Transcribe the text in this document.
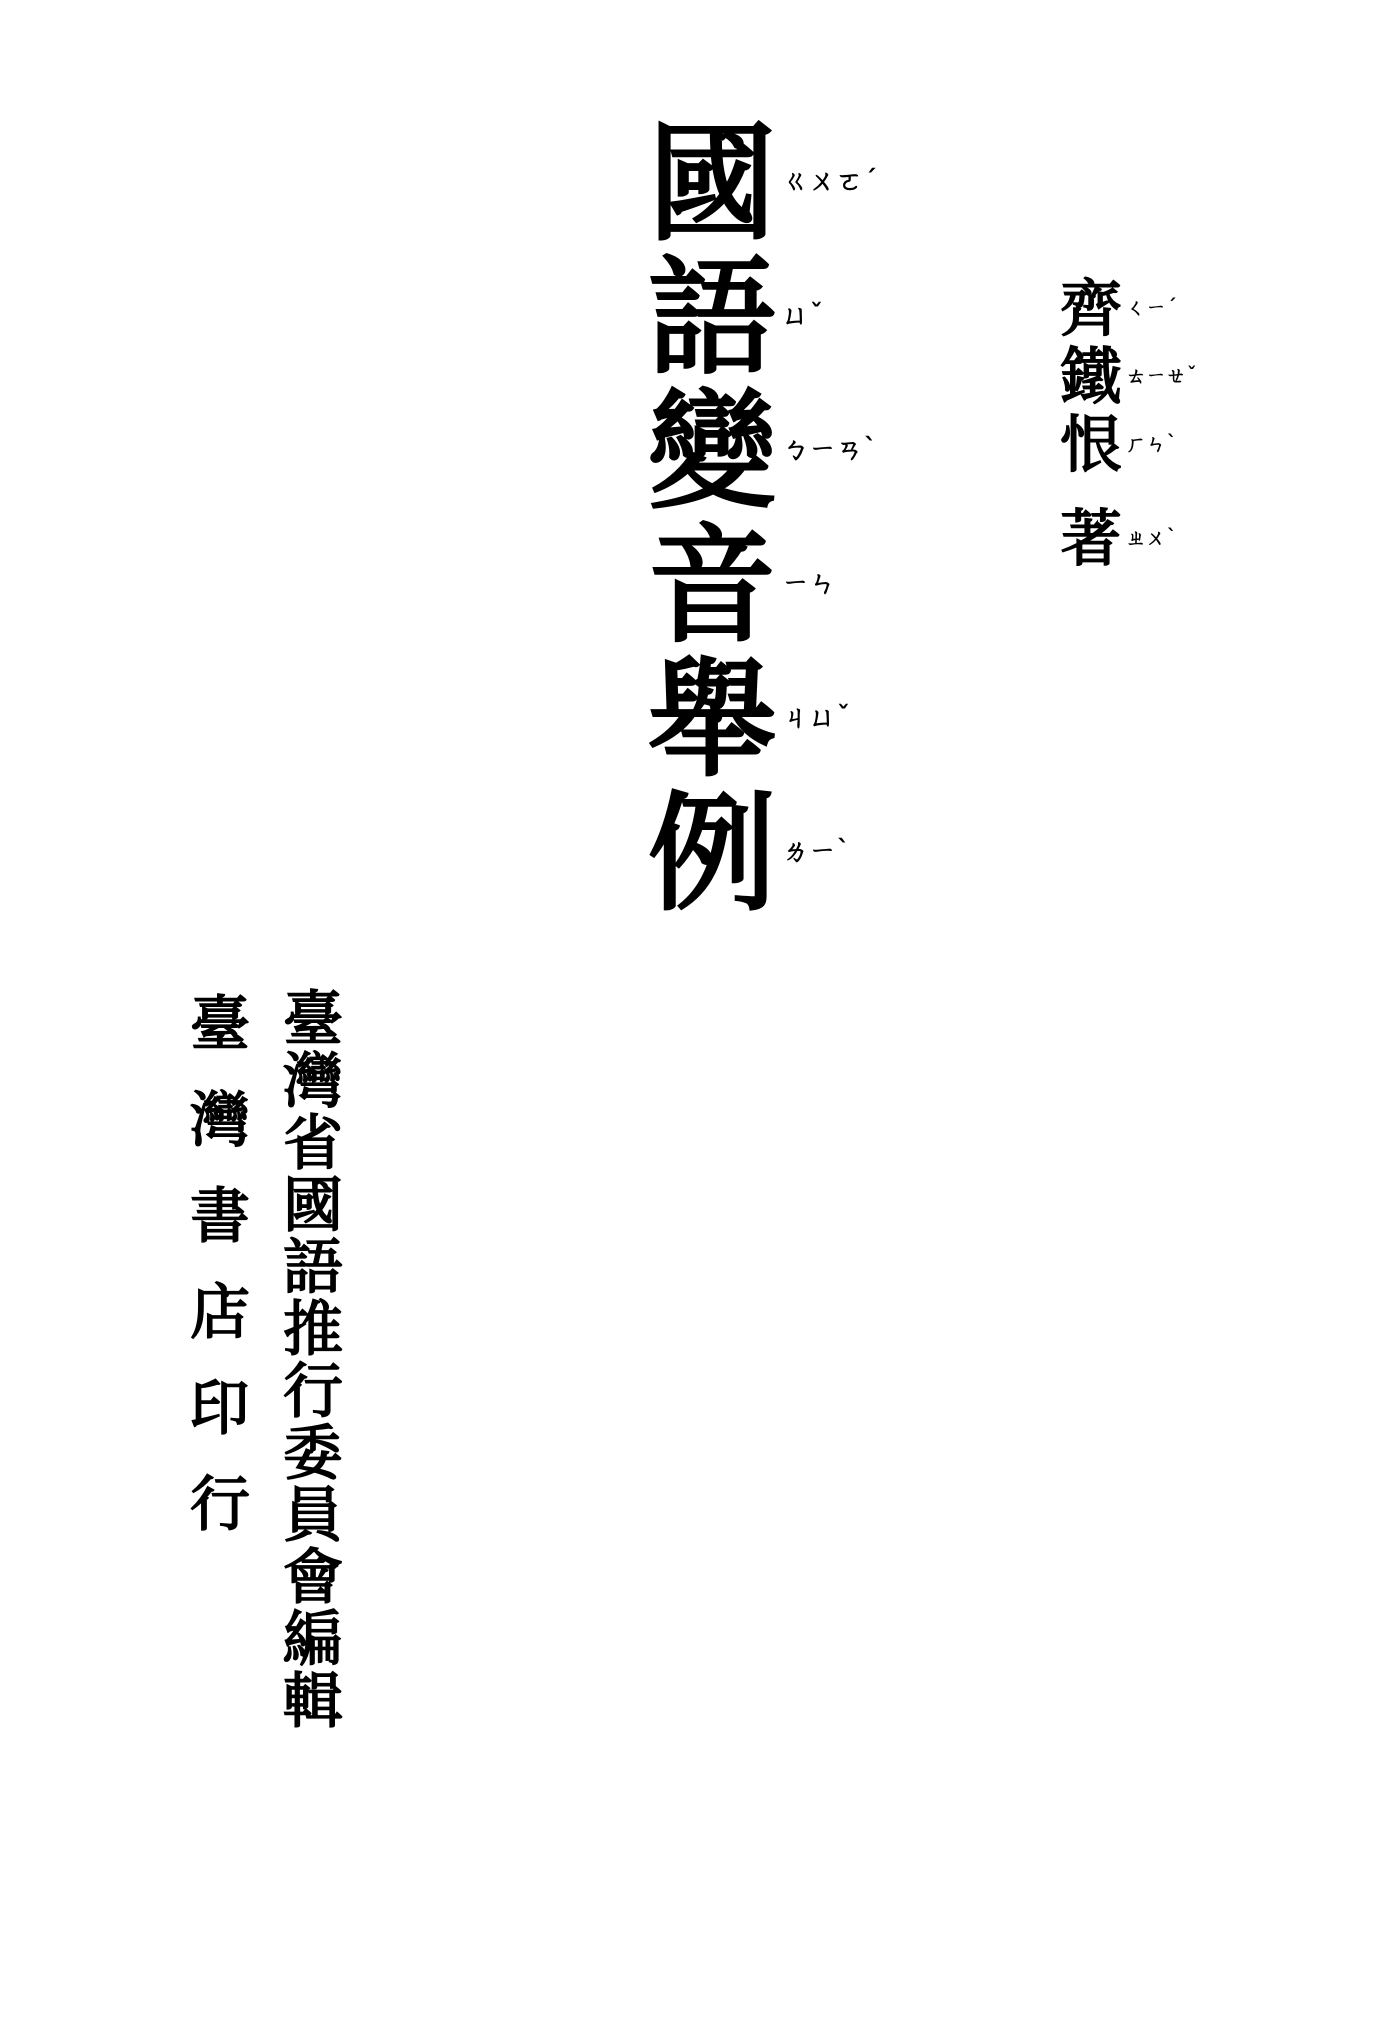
國 ㄍㄨㄛ ˊ
語 ㄩ ˇ
變 ㄅㄧㄢ ˋ
音 ㄧㄣ
舉 ㄐㄩ ˇ
例 ㄌㄧ ˋ
齊 ㄑㄧ ˊ
鐵 ㄊㄧㄝ ˇ
恨 ㄏㄣ ˋ
著 ㄓㄨ ˋ
臺
灣
省
國
語
推
行
委
員
會
編
輯
臺
灣
書
店
印
行
